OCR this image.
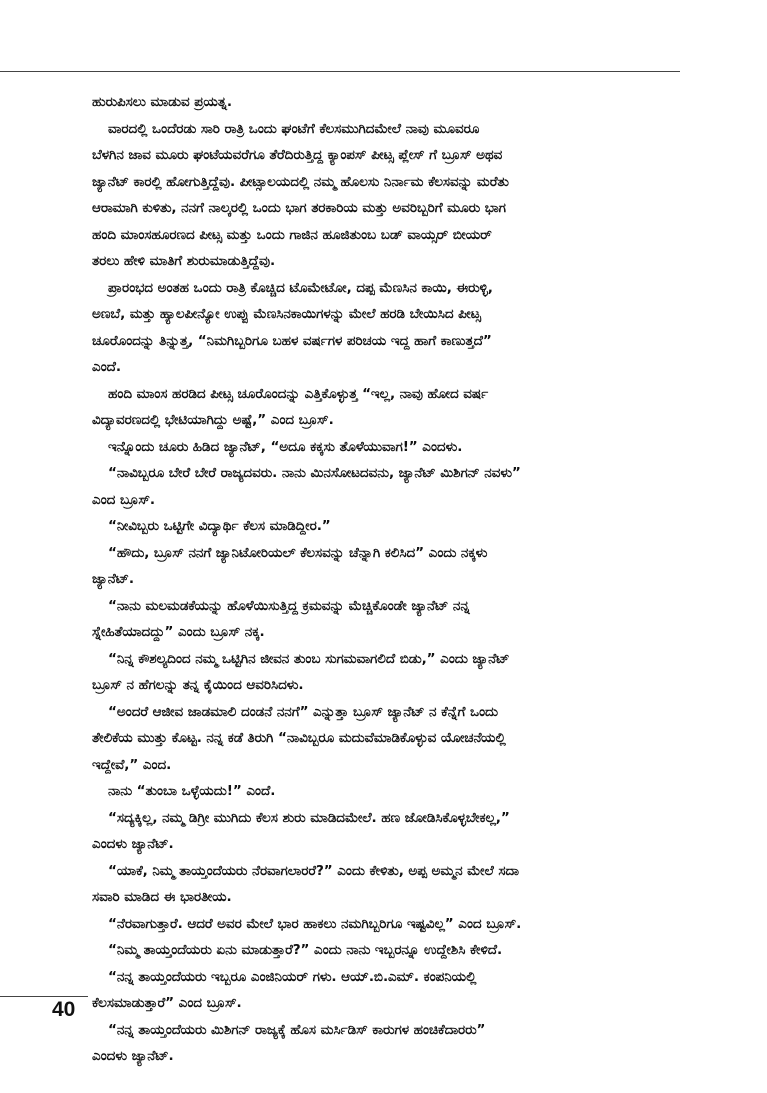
ಹುರುಪಿಸಲು ಮಾಡುವ ಪ್ರಯತ್ನ.

ವಾರದಲ್ಲಿ ಒಂದೆರಡು ಸಾರಿ ರಾತ್ರಿ ಒಂದು ಘಂಟೆಗೆ ಕೆಲಸಮುಗಿದಮೇಲೆ ನಾವು ಮೂವರೂ

ಬೆಳಗಿನ ಜಾವ ಮೂರು ಘಂಟೆಯವರೆಗೂ ತೆರೆದಿರುತ್ತಿದ್ದ ಕ್ಯಾಂಪಸ್ ಪೀಟ್ಸ ಪ್ಲೇಸ್ ಗೆ ಬ್ರೂಸ್ ಅಥವ

ಜ್ಯಾನೆಟ್ ಕಾರಲ್ಲಿ ಹೋಗುತ್ತಿದ್ದೆವು. ಪೀಟ್ಸಾಲಯದಲ್ಲಿ ನಮ್ಮ ಹೊಲಸು ನಿರ್ನಾಮ ಕೆಲಸವನ್ನು ಮರೆತು

ಆರಾಮಾಗಿ ಕುಳಿತು, ನನಗೆ ನಾಲ್ಕರಲ್ಲಿ ಒಂದು ಭಾಗ ತರಕಾರಿಯ ಮತ್ತು ಅವರಿಬ್ಬರಿಗೆ ಮೂರು ಭಾಗ

ಹಂದಿ ಮಾಂಸಹೂರಣದ ಪೀಟ್ಸ ಮತ್ತು ಒಂದು ಗಾಜಿನ ಹೂಜಿತುಂಬ ಬಡ್ ವಾಯ್ಸರ್ ಬೀಯರ್

ತರಲು ಹೇಳಿ ಮಾತಿಗೆ ಶುರುಮಾಡುತ್ತಿದ್ದೆವು.

ಪ್ರಾರಂಭದ ಅಂತಹ ಒಂದು ರಾತ್ರಿ ಕೊಚ್ಚಿದ ಟೊಮೇಟೋ, ದಪ್ಪ ಮೆಣಸಿನ ಕಾಯಿ, ಈರುಳ್ಳಿ,

ಅಣಬೆ, ಮತ್ತು ಹ್ಯಾಲಪೀನ್ಯೋ ಉಪ್ಪು ಮೆಣಸಿನಕಾಯಿಗಳನ್ನು ಮೇಲೆ ಹರಡಿ ಬೇಯಿಸಿದ ಪೀಟ್ಸ

ಚೂರೊಂದನ್ನು ತಿನ್ನುತ್ತ, “ನಿಮಗಿಬ್ಬರಿಗೂ ಬಹಳ ವರ್ಷಗಳ ಪರಿಚಯ ಇದ್ದ ಹಾಗೆ ಕಾಣುತ್ತದೆ”

ಎಂದೆ.

ಹಂದಿ ಮಾಂಸ ಹರಡಿದ ಪೀಟ್ಸ ಚೂರೊಂದನ್ನು ಎತ್ತಿಕೊಳ್ಳುತ್ತ “ಇಲ್ಲ, ನಾವು ಹೋದ ವರ್ಷ

ವಿದ್ಯಾವರಣದಲ್ಲಿ ಭೇಟಿಯಾಗಿದ್ದು ಅಷ್ಟೆ,” ಎಂದ ಬ್ರೂಸ್.

ಇನ್ನೊಂದು ಚೂರು ಹಿಡಿದ ಜ್ಯಾನೆಟ್, “ಅದೂ ಕಕ್ಕಸು ತೊಳೆಯುವಾಗ!” ಎಂದಳು.

“ನಾವಿಬ್ಬರೂ ಬೇರೆ ಬೇರೆ ರಾಜ್ಯದವರು. ನಾನು ಮಿನಸೋಟದವನು, ಜ್ಯಾನೆಟ್ ಮಿಶಿಗನ್ ನವಳು”

ಎಂದ ಬ್ರೂಸ್.

“ನೀವಿಬ್ಬರು ಒಟ್ಟಿಗೇ ವಿದ್ಯಾರ್ಥಿ ಕೆಲಸ ಮಾಡಿದ್ದೀರ.”

“ಹೌದು, ಬ್ರೂಸ್ ನನಗೆ ಜ್ಯಾನಿಟೋರಿಯಲ್ ಕೆಲಸವನ್ನು ಚೆನ್ನಾಗಿ ಕಲಿಸಿದ” ಎಂದು ನಕ್ಕಳು

ಜ್ಯಾನೆಟ್.

“ನಾನು ಮಲಮಡಕೆಯನ್ನು ಹೊಳೆಯಿಸುತ್ತಿದ್ದ ಕ್ರಮವನ್ನು ಮೆಚ್ಚಿಕೊಂಡೇ ಜ್ಯಾನೆಟ್ ನನ್ನ

ಸ್ನೇಹಿತೆಯಾದದ್ದು” ಎಂದು ಬ್ರೂಸ್ ನಕ್ಕ.

“ನಿನ್ನ ಕೌಶಲ್ಯದಿಂದ ನಮ್ಮ ಒಟ್ಟಿಗಿನ ಜೀವನ ತುಂಬ ಸುಗಮವಾಗಲಿದೆ ಬಿಡು,” ಎಂದು ಜ್ಯಾನೆಟ್

ಬ್ರೂಸ್ ನ ಹೆಗಲನ್ನು ತನ್ನ ಕೈಯಿಂದ ಆವರಿಸಿದಳು.

“ಅಂದರೆ ಆಜೀವ ಜಾಡಮಾಲಿ ದಂಡನೆ ನನಗೆ” ಎನ್ನುತ್ತಾ ಬ್ರೂಸ್ ಜ್ಯಾನೆಟ್ ನ ಕೆನ್ನೆಗೆ ಒಂದು

ತೇಲಿಕೆಯ ಮುತ್ತು ಕೊಟ್ಟ. ನನ್ನ ಕಡೆ ತಿರುಗಿ “ನಾವಿಬ್ಬರೂ ಮದುವೆಮಾಡಿಕೊಳ್ಳುವ ಯೋಚನೆಯಲ್ಲಿ

ಇದ್ದೇವೆ,” ಎಂದ.

ನಾನು “ತುಂಬಾ ಒಳ್ಳೆಯದು!” ಎಂದೆ.

“ಸದ್ಯಕ್ಕಿಲ್ಲ, ನಮ್ಮ ಡಿಗ್ರೀ ಮುಗಿದು ಕೆಲಸ ಶುರು ಮಾಡಿದಮೇಲೆ. ಹಣ ಜೋಡಿಸಿಕೊಳ್ಳಬೇಕಲ್ಲ,”

ಎಂದಳು ಜ್ಯಾನೆಟ್.

“ಯಾಕೆ, ನಿಮ್ಮ ತಾಯ್ತಂದೆಯರು ನೆರವಾಗಲಾರರೆ?” ಎಂದು ಕೇಳಿತು, ಅಪ್ಪ ಅಮ್ಮನ ಮೇಲೆ ಸದಾ

ಸವಾರಿ ಮಾಡಿದ ಈ ಭಾರತೀಯ.

“ನೆರವಾಗುತ್ತಾರೆ. ಆದರೆ ಅವರ ಮೇಲೆ ಭಾರ ಹಾಕಲು ನಮಗಿಬ್ಬರಿಗೂ ಇಷ್ಟವಿಲ್ಲ” ಎಂದ ಬ್ರೂಸ್.

“ನಿಮ್ಮ ತಾಯ್ತಂದೆಯರು ಏನು ಮಾಡುತ್ತಾರೆ?” ಎಂದು ನಾನು ಇಬ್ಬರನ್ನೂ ಉದ್ದೇಶಿಸಿ ಕೇಳಿದೆ.

“ನನ್ನ ತಾಯ್ತಂದೆಯರು ಇಬ್ಬರೂ ಎಂಜಿನಿಯರ್ ಗಳು. ಆಯ್.ಬಿ.ಎಮ್. ಕಂಪನಿಯಲ್ಲಿ

ಕೆಲಸಮಾಡುತ್ತಾರೆ” ಎಂದ ಬ್ರೂಸ್.

“ನನ್ನ ತಾಯ್ತಂದೆಯರು ಮಿಶಿಗನ್ ರಾಜ್ಯಕ್ಕೆ ಹೊಸ ಮರ್ಸಿಡಿಸ್ ಕಾರುಗಳ ಹಂಚಿಕೆದಾರರು”

ಎಂದಳು ಜ್ಯಾನೆಟ್.

40
